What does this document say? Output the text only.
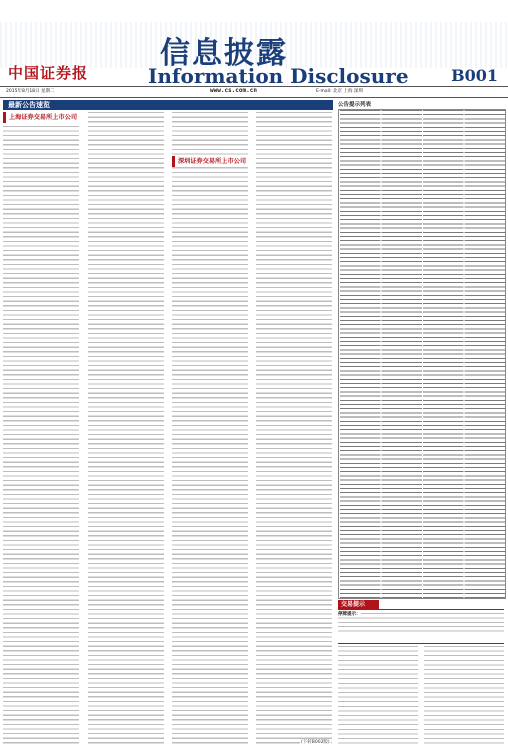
中国证券报
信息披露
Information Disclosure	B001
2015年8月18日 星期二	www.cs.com.cn	E-mail: 北京 上海 深圳
最新公告速览
上海证券交易所上市公司
深圳证券交易所上市公司
公告提示列表
交易提示
停牌提示：
(下转B002版)
